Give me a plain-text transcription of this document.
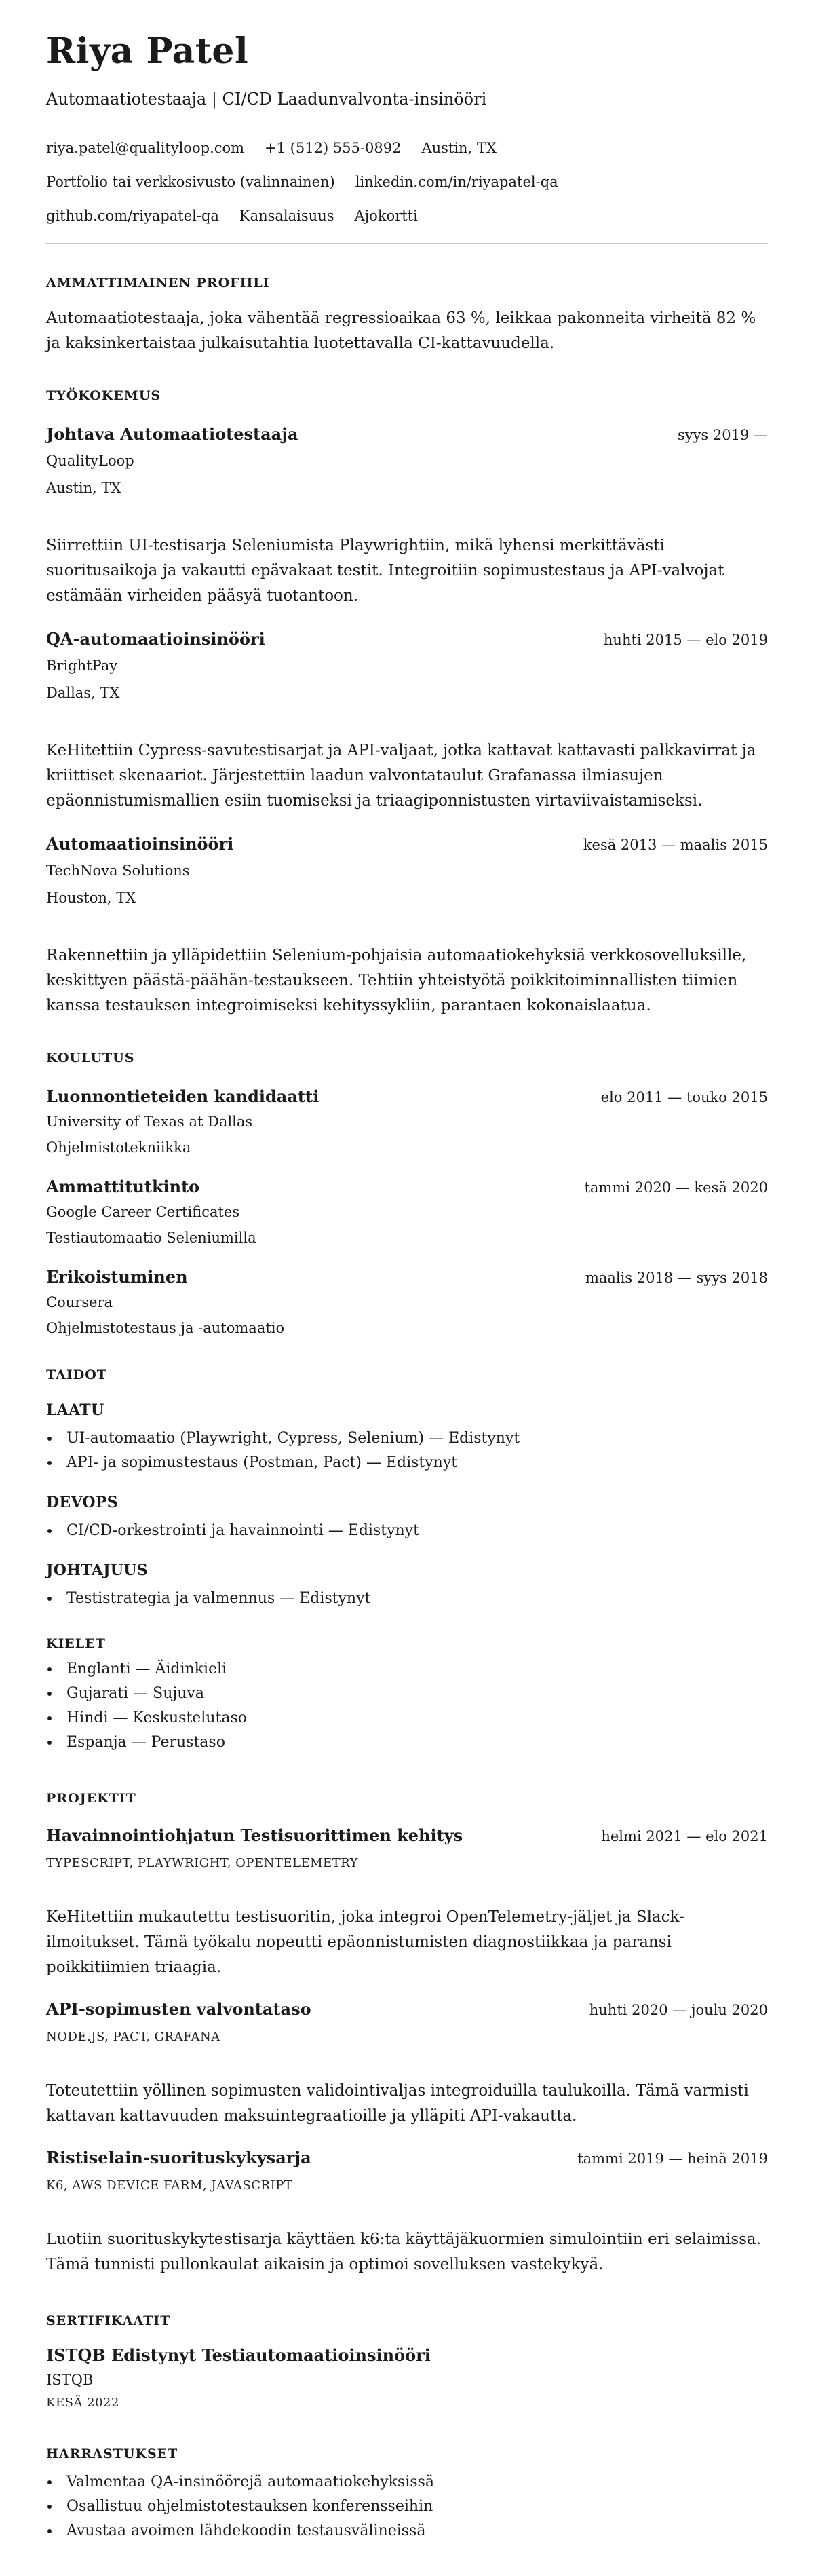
Riya Patel
Automaatiotestaaja | CI/CD Laadunvalvonta-insinööri
riya.patel@qualityloop.com +1 (512) 555-0892 Austin, TX
Portfolio tai verkkosivusto (valinnainen) linkedin.com/in/riyapatel-qa
github.com/riyapatel-qa Kansalaisuus Ajokortti
AMMATTIMAINEN PROFIILI

Automaatiotestaaja, joka vähentää regressioaikaa 63 %, leikkaa pakonneita virheitä 82 % ja kaksinkertaistaa julkaisutahtia luotettavalla CI-kattavuudella.

TYÖKOKEMUS
Johtava Automaatiotestaaja	syys 2019 —
QualityLoop
Austin, TX

Siirrettiin UI-testisarja Seleniumista Playwrightiin, mikä lyhensi merkittävästi suoritusaikoja ja vakautti epävakaat testit. Integroitiin sopimustestaus ja API-valvojat estämään virheiden pääsyä tuotantoon.

QA-automaatioinsinööri	huhti 2015 — elo 2019
BrightPay
Dallas, TX

KeHitettiin Cypress-savutestisarjat ja API-valjaat, jotka kattavat kattavasti palkkavirrat ja kriittiset skenaariot. Järjestettiin laadun valvontataulut Grafanassa ilmiasujen epäonnistumismallien esiin tuomiseksi ja triaagiponnistusten virtaviivaistamiseksi.

Automaatioinsinööri	kesä 2013 — maalis 2015
TechNova Solutions
Houston, TX

Rakennettiin ja ylläpidettiin Selenium-pohjaisia automaatiokehyksiä verkkosovelluksille, keskittyen päästä-päähän-testaukseen. Tehtiin yhteistyötä poikkitoiminnallisten tiimien kanssa testauksen integroimiseksi kehityssykliin, parantaen kokonaislaatua.

KOULUTUS
Luonnontieteiden kandidaatti	elo 2011 — touko 2015
University of Texas at Dallas
Ohjelmistotekniikka
Ammattitutkinto	tammi 2020 — kesä 2020
Google Career Certificates
Testiautomaatio Seleniumilla
Erikoistuminen	maalis 2018 — syys 2018
Coursera
Ohjelmistotestaus ja -automaatio
TAIDOT
LAATU
UI-automaatio (Playwright, Cypress, Selenium) — Edistynyt
API- ja sopimustestaus (Postman, Pact) — Edistynyt
DEVOPS
CI/CD-orkestrointi ja havainnointi — Edistynyt
JOHTAJUUS
Testistrategia ja valmennus — Edistynyt
KIELET
Englanti — Äidinkieli
Gujarati — Sujuva
Hindi — Keskustelutaso
Espanja — Perustaso
PROJEKTIT
Havainnointiohjatun Testisuorittimen kehitys	helmi 2021 — elo 2021
TYPESCRIPT, PLAYWRIGHT, OPENTELEMETRY

KeHitettiin mukautettu testisuoritin, joka integroi OpenTelemetry-jäljet ja Slack-ilmoitukset. Tämä työkalu nopeutti epäonnistumisten diagnostiikkaa ja paransi poikkitiimien triaagia.

API-sopimusten valvontataso	huhti 2020 — joulu 2020
NODE.JS, PACT, GRAFANA

Toteutettiin yöllinen sopimusten validointivaljas integroiduilla taulukoilla. Tämä varmisti kattavan kattavuuden maksuintegraatioille ja ylläpiti API-vakautta.

Ristiselain-suorituskykysarja	tammi 2019 — heinä 2019
K6, AWS DEVICE FARM, JAVASCRIPT

Luotiin suorituskykytestisarja käyttäen k6:ta käyttäjäkuormien simulointiin eri selaimissa. Tämä tunnisti pullonkaulat aikaisin ja optimoi sovelluksen vastekykyä.

SERTIFIKAATIT
ISTQB Edistynyt Testiautomaatioinsinööri
ISTQB
KESÄ 2022
HARRASTUKSET
Valmentaa QA-insinöörejä automaatiokehyksissä
Osallistuu ohjelmistotestauksen konferensseihin
Avustaa avoimen lähdekoodin testausvälineissä
